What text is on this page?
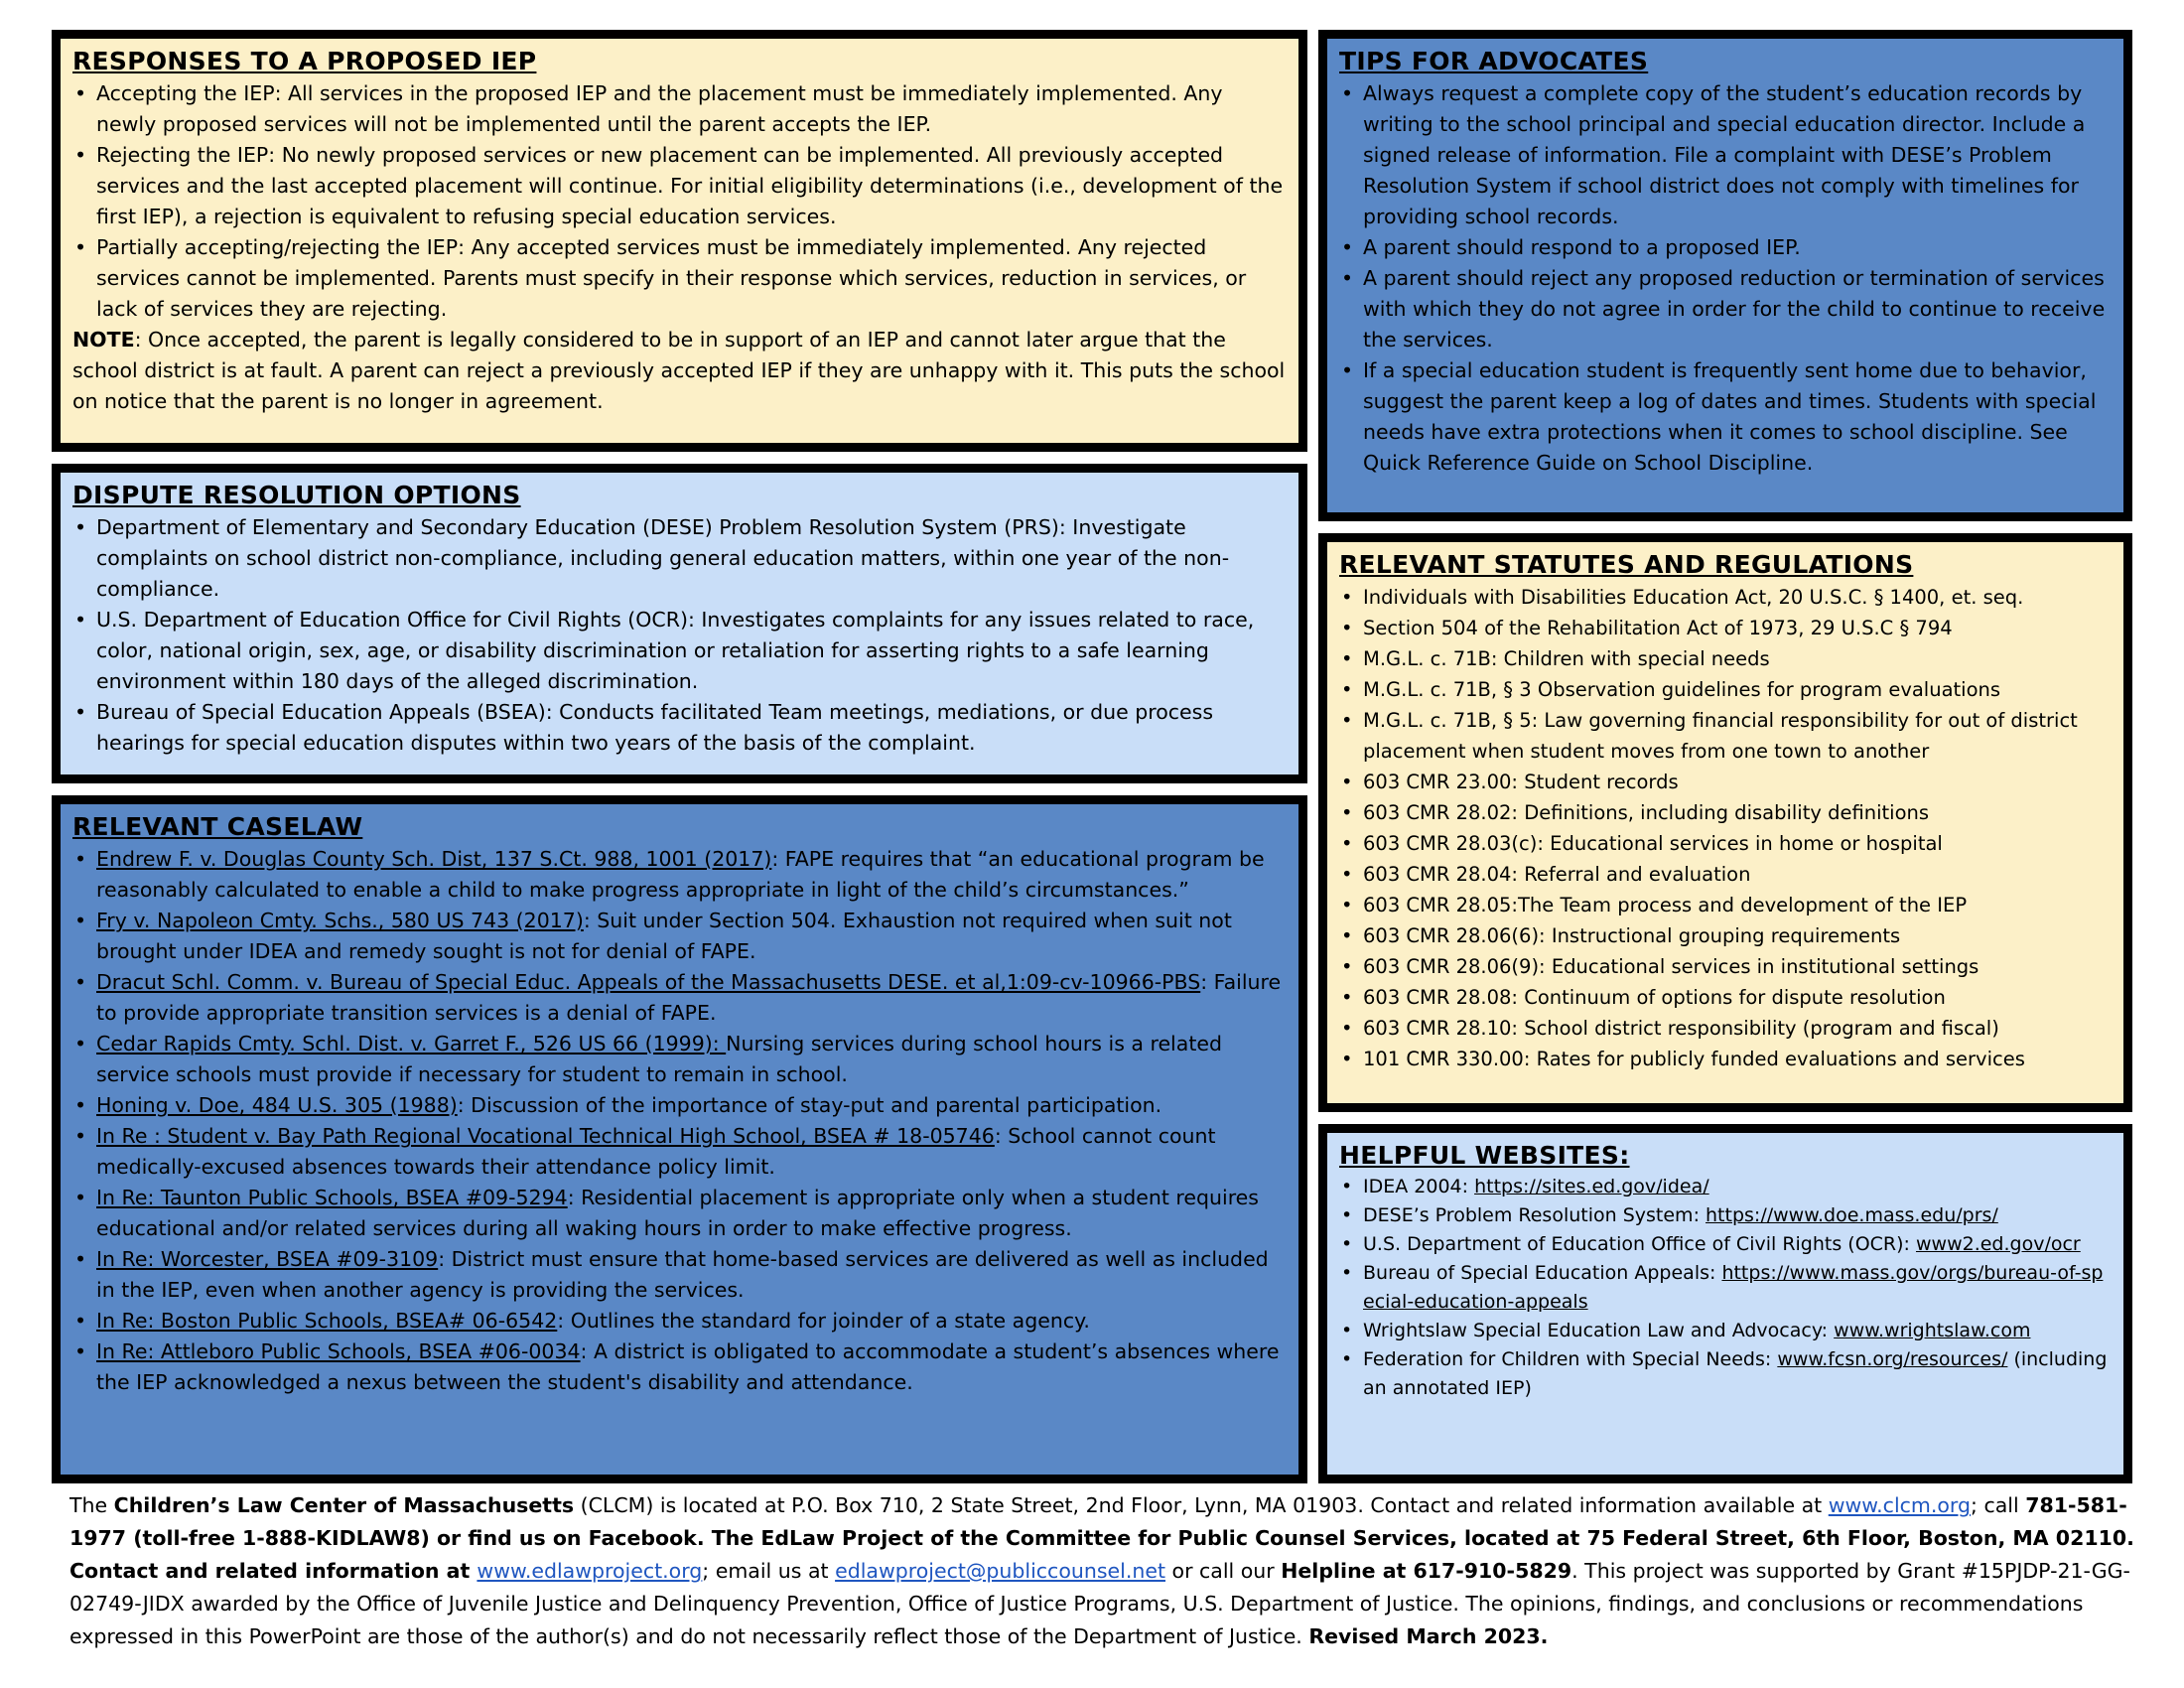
RESPONSES TO A PROPOSED IEP
• Accepting the IEP: All services in the proposed IEP and the placement must be immediately implemented. Any newly proposed services will not be implemented until the parent accepts the IEP.
• Rejecting the IEP: No newly proposed services or new placement can be implemented. All previously accepted services and the last accepted placement will continue. For initial eligibility determinations (i.e., development of the first IEP), a rejection is equivalent to refusing special education services.
• Partially accepting/rejecting the IEP: Any accepted services must be immediately implemented. Any rejected services cannot be implemented. Parents must specify in their response which services, reduction in services, or lack of services they are rejecting.

NOTE: Once accepted, the parent is legally considered to be in support of an IEP and cannot later argue that the school district is at fault. A parent can reject a previously accepted IEP if they are unhappy with it. This puts the school on notice that the parent is no longer in agreement.

DISPUTE RESOLUTION OPTIONS
• Department of Elementary and Secondary Education (DESE) Problem Resolution System (PRS): Investigate complaints on school district non-compliance, including general education matters, within one year of the non-compliance.
• U.S. Department of Education Office for Civil Rights (OCR): Investigates complaints for any issues related to race, color, national origin, sex, age, or disability discrimination or retaliation for asserting rights to a safe learning environment within 180 days of the alleged discrimination.
• Bureau of Special Education Appeals (BSEA): Conducts facilitated Team meetings, mediations, or due process hearings for special education disputes within two years of the basis of the complaint.
RELEVANT CASELAW
• Endrew F. v. Douglas County Sch. Dist, 137 S.Ct. 988, 1001 (2017): FAPE requires that “an educational program be reasonably calculated to enable a child to make progress appropriate in light of the child’s circumstances.”
• Fry v. Napoleon Cmty. Schs., 580 US 743 (2017): Suit under Section 504. Exhaustion not required when suit not brought under IDEA and remedy sought is not for denial of FAPE.
• Dracut Schl. Comm. v. Bureau of Special Educ. Appeals of the Massachusetts DESE. et al,1:09-cv-10966-PBS: Failure to provide appropriate transition services is a denial of FAPE.
• Cedar Rapids Cmty. Schl. Dist. v. Garret F., 526 US 66 (1999): Nursing services during school hours is a related service schools must provide if necessary for student to remain in school.
• Honing v. Doe, 484 U.S. 305 (1988): Discussion of the importance of stay-put and parental participation.
• In Re : Student v. Bay Path Regional Vocational Technical High School, BSEA # 18-05746: School cannot count medically-excused absences towards their attendance policy limit.
• In Re: Taunton Public Schools, BSEA #09-5294: Residential placement is appropriate only when a student requires educational and/or related services during all waking hours in order to make effective progress.
• In Re: Worcester, BSEA #09-3109: District must ensure that home-based services are delivered as well as included in the IEP, even when another agency is providing the services.
• In Re: Boston Public Schools, BSEA# 06-6542: Outlines the standard for joinder of a state agency.
• In Re: Attleboro Public Schools, BSEA #06-0034: A district is obligated to accommodate a student’s absences where the IEP acknowledged a nexus between the student's disability and attendance.
TIPS FOR ADVOCATES
• Always request a complete copy of the student’s education records by writing to the school principal and special education director. Include a signed release of information. File a complaint with DESE’s Problem Resolution System if school district does not comply with timelines for providing school records.
• A parent should respond to a proposed IEP.
• A parent should reject any proposed reduction or termination of services with which they do not agree in order for the child to continue to receive the services.
• If a special education student is frequently sent home due to behavior, suggest the parent keep a log of dates and times. Students with special needs have extra protections when it comes to school discipline. See Quick Reference Guide on School Discipline.
RELEVANT STATUTES AND REGULATIONS
• Individuals with Disabilities Education Act, 20 U.S.C. § 1400, et. seq.
• Section 504 of the Rehabilitation Act of 1973, 29 U.S.C § 794
• M.G.L. c. 71B: Children with special needs
• M.G.L. c. 71B, § 3 Observation guidelines for program evaluations
• M.G.L. c. 71B, § 5: Law governing financial responsibility for out of district placement when student moves from one town to another
• 603 CMR 23.00: Student records
• 603 CMR 28.02: Definitions, including disability definitions
• 603 CMR 28.03(c): Educational services in home or hospital
• 603 CMR 28.04: Referral and evaluation
• 603 CMR 28.05:The Team process and development of the IEP
• 603 CMR 28.06(6): Instructional grouping requirements
• 603 CMR 28.06(9): Educational services in institutional settings
• 603 CMR 28.08: Continuum of options for dispute resolution
• 603 CMR 28.10: School district responsibility (program and fiscal)
• 101 CMR 330.00: Rates for publicly funded evaluations and services
HELPFUL WEBSITES:
• IDEA 2004: https://sites.ed.gov/idea/
• DESE’s Problem Resolution System: https://www.doe.mass.edu/prs/
• U.S. Department of Education Office of Civil Rights (OCR): www2.ed.gov/ocr
• Bureau of Special Education Appeals: https://www.mass.gov/orgs/bureau-of-special-education-appeals
• Wrightslaw Special Education Law and Advocacy: www.wrightslaw.com
• Federation for Children with Special Needs: www.fcsn.org/resources/ (including an annotated IEP)
The Children’s Law Center of Massachusetts (CLCM) is located at P.O. Box 710, 2 State Street, 2nd Floor, Lynn, MA 01903. Contact and related information available at www.clcm.org; call 781-581-1977 (toll-free 1-888-KIDLAW8) or find us on Facebook. The EdLaw Project of the Committee for Public Counsel Services, located at 75 Federal Street, 6th Floor, Boston, MA 02110. Contact and related information at www.edlawproject.org; email us at edlawproject@publiccounsel.net or call our Helpline at 617-910-5829. This project was supported by Grant #15PJDP-21-GG-02749-JIDX awarded by the Office of Juvenile Justice and Delinquency Prevention, Office of Justice Programs, U.S. Department of Justice. The opinions, findings, and conclusions or recommendations expressed in this PowerPoint are those of the author(s) and do not necessarily reflect those of the Department of Justice. Revised March 2023.
